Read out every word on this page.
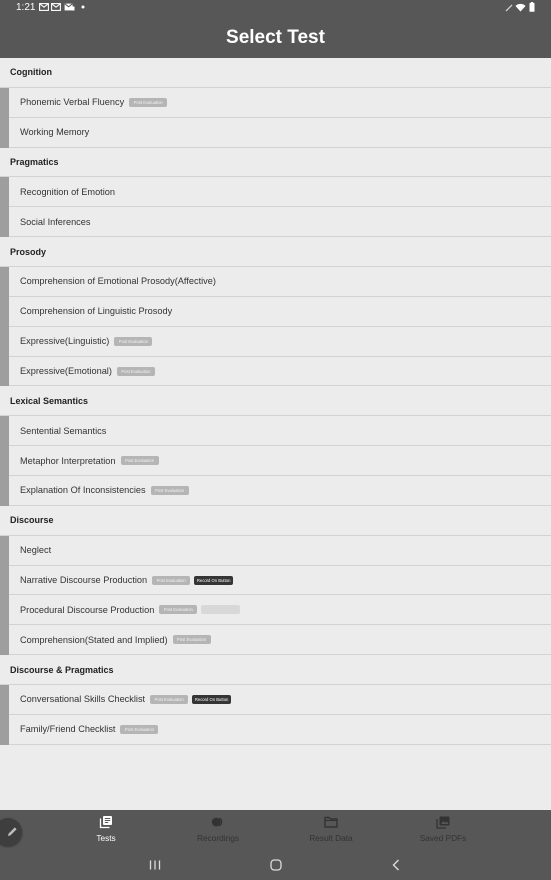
1:21
Select Test
Cognition
Phonemic Verbal Fluency	Post Evaluation
Working Memory
Pragmatics
Recognition of Emotion
Social Inferences
Prosody
Comprehension of Emotional Prosody(Affective)
Comprehension of Linguistic Prosody
Expressive(Linguistic)	Post Evaluation
Expressive(Emotional)	Post Evaluation
Lexical Semantics
Sentential Semantics
Metaphor Interpretation	Post Evaluation
Explanation Of Inconsistencies	Post Evaluation
Discourse
Neglect
Narrative Discourse Production	Post Evaluation	Record On Button
Procedural Discourse Production	Post Evaluation
Comprehension(Stated and Implied)	Post Evaluation
Discourse & Pragmatics
Conversational Skills Checklist	Post Evaluation	Record On Button
Family/Friend Checklist	Post Evaluation
Tests	Recordings	Result Data	Saved PDFs
